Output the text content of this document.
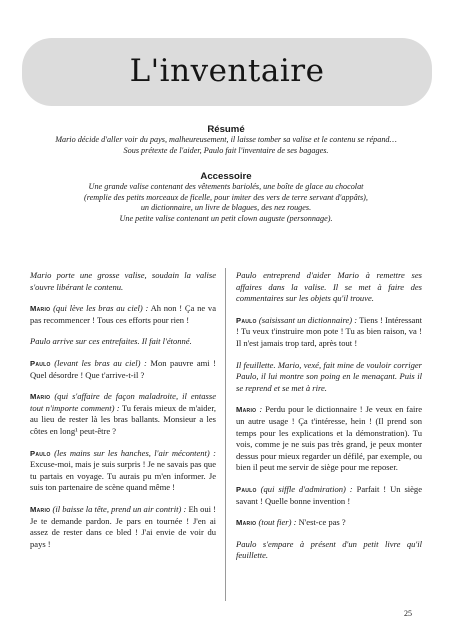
L'inventaire

Résumé

Mario décide d'aller voir du pays, malheureusement, il laisse tomber sa valise et le contenu se répand…

Sous prétexte de l'aider, Paulo fait l'inventaire de ses bagages.

Accessoire

Une grande valise contenant des vêtements bariolés, une boîte de glace au chocolat

(remplie des petits morceaux de ficelle, pour imiter des vers de terre servant d'appâts),

un dictionnaire, un livre de blagues, des nez rouges.

Une petite valise contenant un petit clown auguste (personnage).

Mario porte une grosse valise, soudain la valise s'ouvre libérant le contenu.

Mario (qui lève les bras au ciel) : Ah non ! Ça ne va pas recommencer ! Tous ces efforts pour rien !

Paulo arrive sur ces entrefaites. Il fait l'étonné.

Paulo (levant les bras au ciel) : Mon pauvre ami ! Quel désordre ! Que t'arrive-t-il ?

Mario (qui s'affaire de façon maladroite, il entasse tout n'importe comment) : Tu ferais mieux de m'aider, au lieu de rester là les bras ballants. Monsieur a les côtes en long¹ peut-être ?

Paulo (les mains sur les hanches, l'air mécontent) : Excuse-moi, mais je suis surpris ! Je ne savais pas que tu partais en voyage. Tu aurais pu m'en informer. Je suis ton partenaire de scène quand même !

Mario (il baisse la tête, prend un air contrit) : Eh oui ! Je te demande pardon. Je pars en tournée ! J'en ai assez de rester dans ce bled ! J'ai envie de voir du pays !

Paulo entreprend d'aider Mario à remettre ses affaires dans la valise. Il se met à faire des commentaires sur les objets qu'il trouve.

Paulo (saisissant un dictionnaire) : Tiens ! Intéressant ! Tu veux t'instruire mon pote ! Tu as bien raison, va ! Il n'est jamais trop tard, après tout !

Il feuillette. Mario, vexé, fait mine de vouloir corriger Paulo, il lui montre son poing en le menaçant. Puis il se reprend et se met à rire.

Mario : Perdu pour le dictionnaire ! Je veux en faire un autre usage ! Ça t'intéresse, hein ! (Il prend son temps pour les explications et la démonstration). Tu vois, comme je ne suis pas très grand, je peux monter dessus pour mieux regarder un défilé, par exemple, ou bien il peut me servir de siège pour me reposer.

Paulo (qui siffle d'admiration) : Parfait ! Un siège savant ! Quelle bonne invention !

Mario (tout fier) : N'est-ce pas ?

Paulo s'empare à présent d'un petit livre qu'il feuillette.

25
